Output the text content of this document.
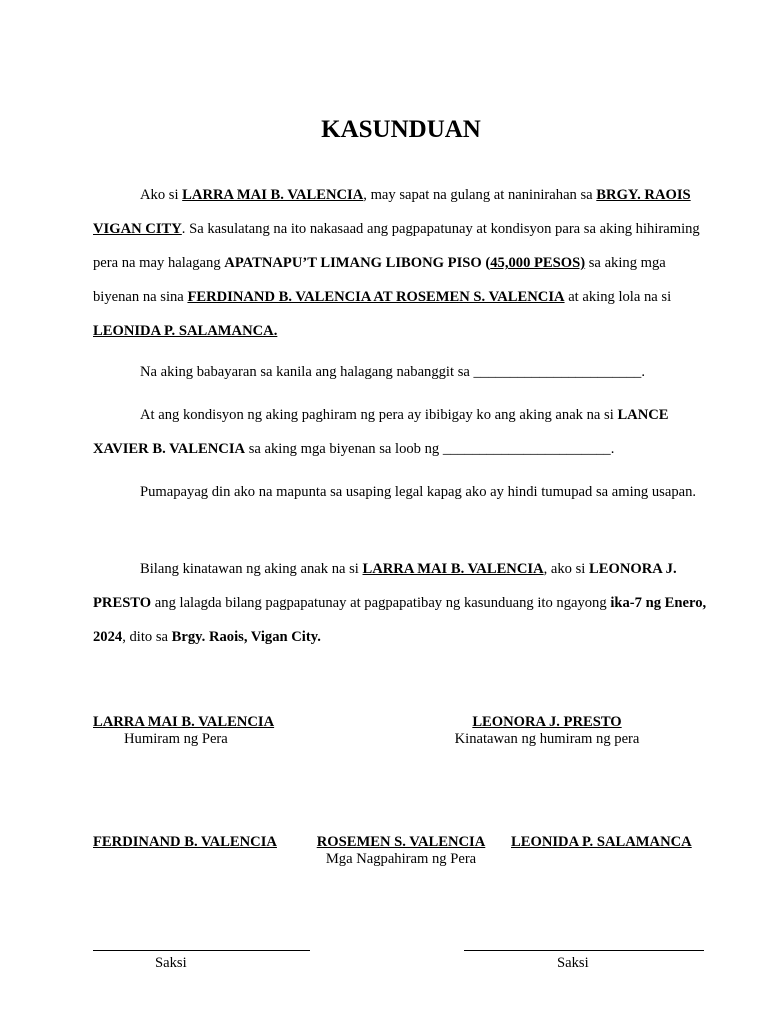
KASUNDUAN

Ako si LARRA MAI B. VALENCIA, may sapat na gulang at naninirahan sa BRGY. RAOIS VIGAN CITY. Sa kasulatang na ito nakasaad ang pagpapatunay at kondisyon para sa aking hihiraming pera na may halagang APATNAPU’T LIMANG LIBONG PISO (45,000 PESOS) sa aking mga biyenan na sina FERDINAND B. VALENCIA AT ROSEMEN S. VALENCIA at aking lola na si LEONIDA P. SALAMANCA.

Na aking babayaran sa kanila ang halagang nabanggit sa _______________________.

At ang kondisyon ng aking paghiram ng pera ay ibibigay ko ang aking anak na si LANCE XAVIER B. VALENCIA sa aking mga biyenan sa loob ng _______________________.

Pumapayag din ako na mapunta sa usaping legal kapag ako ay hindi tumupad sa aming usapan.

Bilang kinatawan ng aking anak na si LARRA MAI B. VALENCIA, ako si LEONORA J. PRESTO ang lalagda bilang pagpapatunay at pagpapatibay ng kasunduang ito ngayong ika-7 ng Enero, 2024, dito sa Brgy. Raois, Vigan City.

LARRA MAI B. VALENCIA
Humiram ng Pera
LEONORA J. PRESTO
Kinatawan ng humiram ng pera
FERDINAND B. VALENCIA	ROSEMEN S. VALENCIA
Mga Nagpahiram ng Pera
LEONIDA P. SALAMANCA
Saksi	Saksi
